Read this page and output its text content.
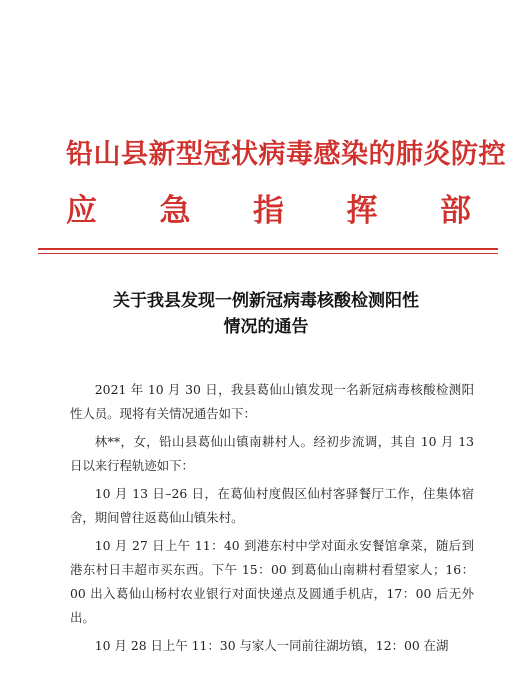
铅山县新型冠状病毒感染的肺炎防控
应 急 指 挥 部
关于我县发现一例新冠病毒核酸检测阳性
情况的通告

2021 年 10 月 30 日，我县葛仙山镇发现一名新冠病毒核酸检测阳性人员。现将有关情况通告如下：

林**，女，铅山县葛仙山镇南耕村人。经初步流调，其自 10 月 13 日以来行程轨迹如下：

10 月 13 日–26 日，在葛仙村度假区仙村客驿餐厅工作，住集体宿舍，期间曾往返葛仙山镇朱村。

10 月 27 日上午 11：40 到港东村中学对面永安餐馆拿菜，随后到港东村日丰超市买东西。下午 15：00 到葛仙山南耕村看望家人；16：00 出入葛仙山杨村农业银行对面快递点及圆通手机店，17：00 后无外出。

10 月 28 日上午 11：30 与家人一同前往湖坊镇，12：00 在湖
